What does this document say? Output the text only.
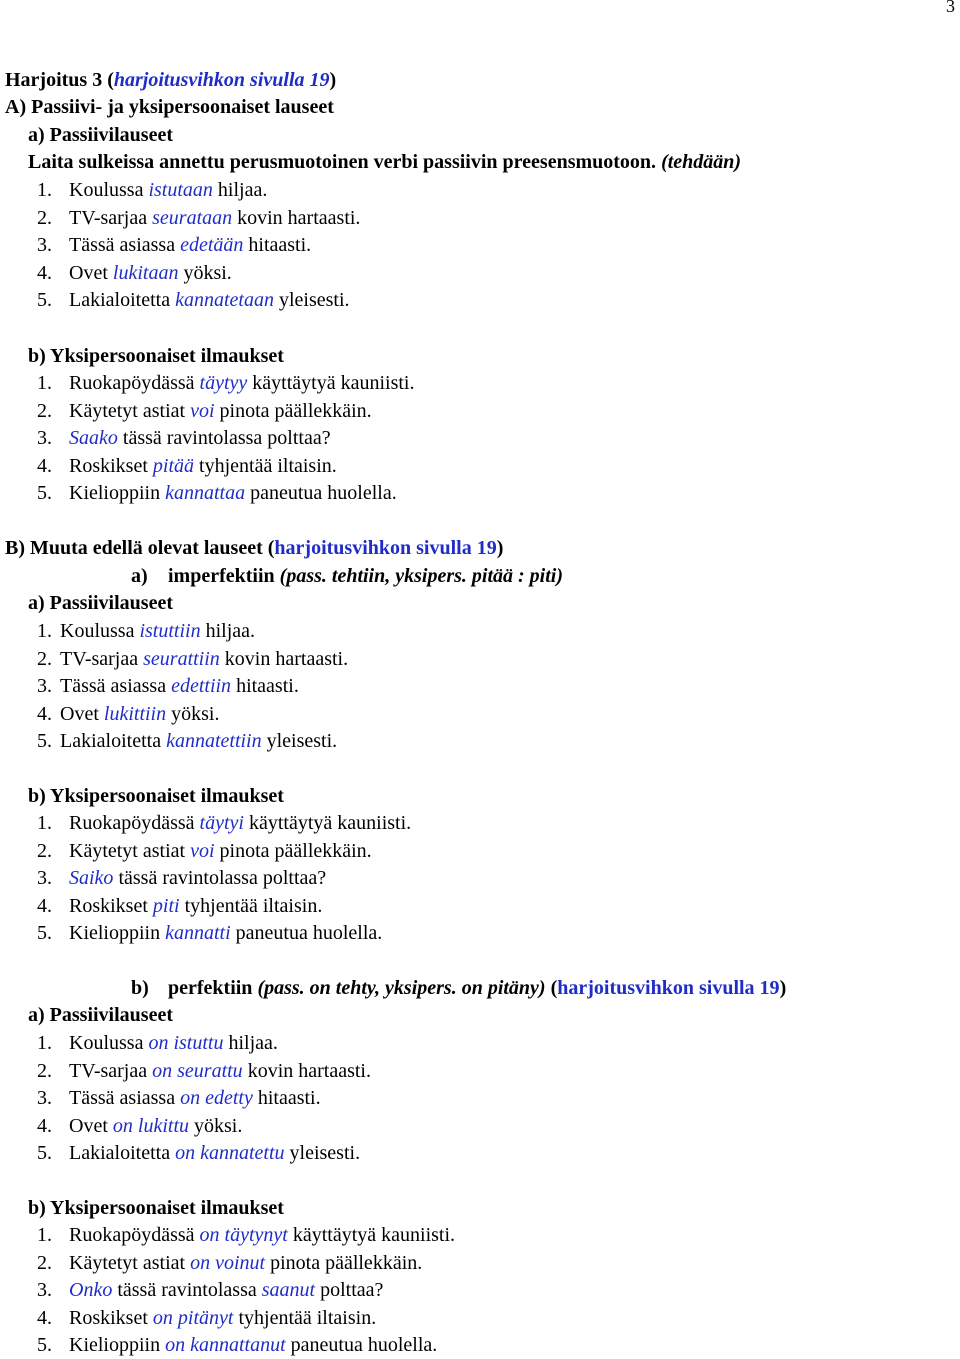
3
Harjoitus 3 (harjoitusvihkon sivulla 19)
A) Passiivi- ja yksipersoonaiset lauseet
a) Passiivilauseet
Laita sulkeissa annettu perusmuotoinen verbi passiivin preesensmuotoon. (tehdään)
1. Koulussa istutaan hiljaa.
2. TV-sarjaa seurataan kovin hartaasti.
3. Tässä asiassa edetään hitaasti.
4. Ovet lukitaan yöksi.
5. Lakialoitetta kannatetaan yleisesti.
b) Yksipersoonaiset ilmaukset
1. Ruokapöydässä täytyy käyttäytyä kauniisti.
2. Käytetyt astiat voi pinota päällekkäin.
3. Saako tässä ravintolassa polttaa?
4. Roskikset pitää tyhjentää iltaisin.
5. Kielioppiin kannattaa paneutua huolella.
B) Muuta edellä olevat lauseet (harjoitusvihkon sivulla 19)
a) imperfektiin (pass. tehtiin, yksipers. pitää : piti)
a) Passiivilauseet
1. Koulussa istuttiin hiljaa.
2. TV-sarjaa seurattiin kovin hartaasti.
3. Tässä asiassa edettiin hitaasti.
4. Ovet lukittiin yöksi.
5. Lakialoitetta kannatettiin yleisesti.
b) Yksipersoonaiset ilmaukset
1. Ruokapöydässä täytyi käyttäytyä kauniisti.
2. Käytetyt astiat voi pinota päällekkäin.
3. Saiko tässä ravintolassa polttaa?
4. Roskikset piti tyhjentää iltaisin.
5. Kielioppiin kannatti paneutua huolella.
b) perfektiin (pass. on tehty, yksipers. on pitäny) (harjoitusvihkon sivulla 19)
a) Passiivilauseet
1. Koulussa on istuttu hiljaa.
2. TV-sarjaa on seurattu kovin hartaasti.
3. Tässä asiassa on edetty hitaasti.
4. Ovet on lukittu yöksi.
5. Lakialoitetta on kannatettu yleisesti.
b) Yksipersoonaiset ilmaukset
1. Ruokapöydässä on täytynyt käyttäytyä kauniisti.
2. Käytetyt astiat on voinut pinota päällekkäin.
3. Onko tässä ravintolassa saanut polttaa?
4. Roskikset on pitänyt tyhjentää iltaisin.
5. Kielioppiin on kannattanut paneutua huolella.
